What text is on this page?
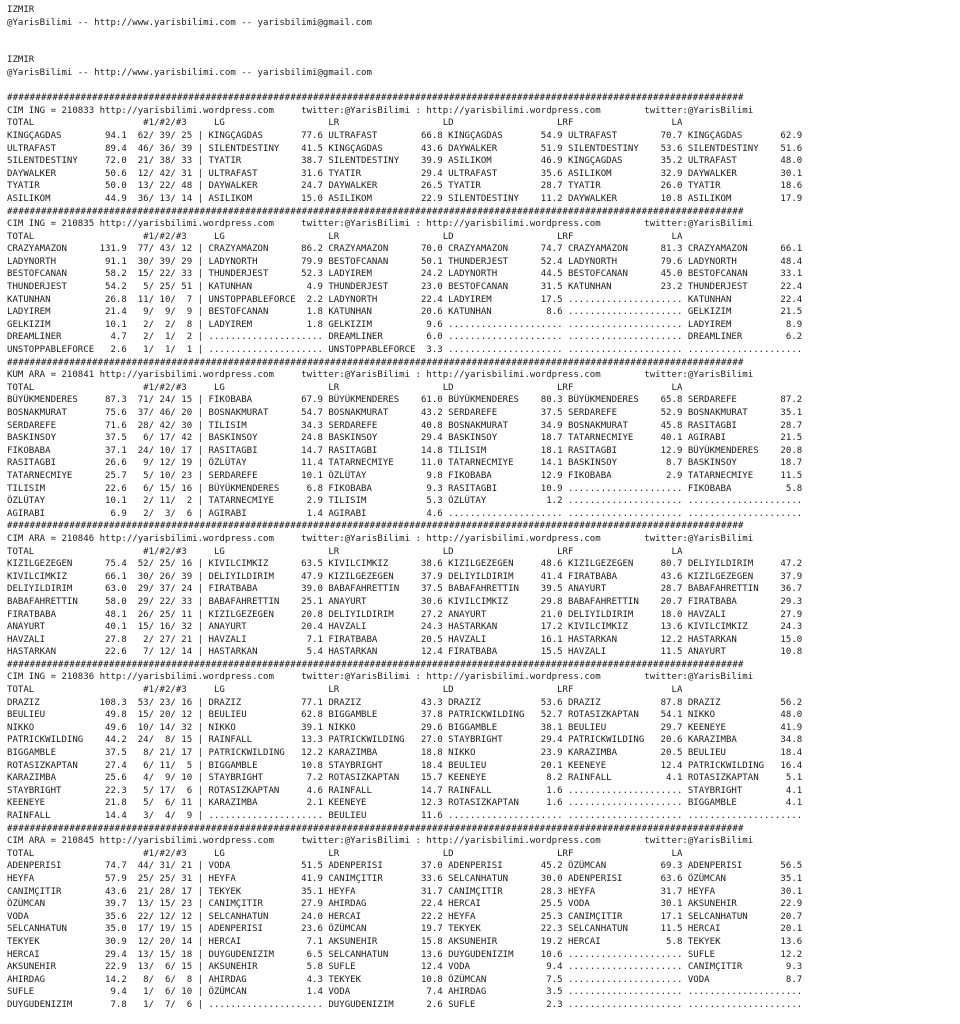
IZMIR
@YarisBilimi -- http://www.yarisbilimi.com -- yarisbilimi@gmail.com
IZMIR
@YarisBilimi -- http://www.yarisbilimi.com -- yarisbilimi@gmail.com
##################################################################################################################################
CIM ING = 210833 http://yarisbilimi.wordpress.com     twitter:@YarisBilimi : http://yarisbilimi.wordpress.com        twitter:@YarisBilimi
TOTAL                    #1/#2/#3     LG                   LR                   LD                   LRF                  LA
KINGÇAGDAS        94.1  62/ 39/ 25 | KINGÇAGDAS       77.6 ULTRAFAST        66.8 KINGÇAGDAS       54.9 ULTRAFAST        70.7 KINGÇAGDAS       62.9
ULTRAFAST         89.4  46/ 36/ 39 | SILENTDESTINY    41.5 KINGÇAGDAS       43.6 DAYWALKER        51.9 SILENTDESTINY    53.6 SILENTDESTINY    51.6
SILENTDESTINY     72.0  21/ 38/ 33 | TYATIR           38.7 SILENTDESTINY    39.9 ASILIKOM         46.9 KINGÇAGDAS       35.2 ULTRAFAST        48.0
DAYWALKER         50.6  12/ 42/ 31 | ULTRAFAST        31.6 TYATIR           29.4 ULTRAFAST        35.6 ASILIKOM         32.9 DAYWALKER        30.1
TYATIR            50.0  13/ 22/ 48 | DAYWALKER        24.7 DAYWALKER        26.5 TYATIR           28.7 TYATIR           26.0 TYATIR           18.6
ASILIKOM          44.9  36/ 13/ 14 | ASILIKOM         15.0 ASILIKOM         22.9 SILENTDESTINY    11.2 DAYWALKER        10.8 ASILIKOM         17.9
##################################################################################################################################
CIM ING = 210835 http://yarisbilimi.wordpress.com     twitter:@YarisBilimi : http://yarisbilimi.wordpress.com        twitter:@YarisBilimi
TOTAL                    #1/#2/#3     LG                   LR                   LD                   LRF                  LA
CRAZYAMAZON      131.9  77/ 43/ 12 | CRAZYAMAZON      86.2 CRAZYAMAZON      70.0 CRAZYAMAZON      74.7 CRAZYAMAZON      81.3 CRAZYAMAZON      66.1
LADYNORTH         91.1  30/ 39/ 29 | LADYNORTH        79.9 BESTOFCANAN      50.1 THUNDERJEST      52.4 LADYNORTH        79.6 LADYNORTH        48.4
BESTOFCANAN       58.2  15/ 22/ 33 | THUNDERJEST      52.3 LADYIREM         24.2 LADYNORTH        44.5 BESTOFCANAN      45.0 BESTOFCANAN      33.1
THUNDERJEST       54.2   5/ 25/ 51 | KATUNHAN          4.9 THUNDERJEST      23.0 BESTOFCANAN      31.5 KATUNHAN         23.2 THUNDERJEST      22.4
KATUNHAN          26.8  11/ 10/  7 | UNSTOPPABLEFORCE  2.2 LADYNORTH        22.4 LADYIREM         17.5 ..................... KATUNHAN         22.4
LADYIREM          21.4   9/  9/  9 | BESTOFCANAN       1.8 KATUNHAN         20.6 KATUNHAN          8.6 ..................... GELKIZIM         21.5
GELKIZIM          10.1   2/  2/  8 | LADYIREM          1.8 GELKIZIM          9.6 ..................... ..................... LADYIREM          8.9
DREAMLINER         4.7   2/  1/  2 | ..................... DREAMLINER        6.0 ..................... ..................... DREAMLINER        6.2
UNSTOPPABLEFORCE   2.6   1/  1/  1 | ..................... UNSTOPPABLEFORCE  3.3 ..................... ..................... .....................
##################################################################################################################################
KUM ARA = 210841 http://yarisbilimi.wordpress.com     twitter:@YarisBilimi : http://yarisbilimi.wordpress.com        twitter:@YarisBilimi
TOTAL                    #1/#2/#3     LG                   LR                   LD                   LRF                  LA
BÜYÜKMENDERES     87.3  71/ 24/ 15 | FIKOBABA         67.9 BÜYÜKMENDERES    61.0 BÜYÜKMENDERES    80.3 BÜYÜKMENDERES    65.8 SERDAREFE        87.2
BOSNAKMURAT       75.6  37/ 46/ 20 | BOSNAKMURAT      54.7 BOSNAKMURAT      43.2 SERDAREFE        37.5 SERDAREFE        52.9 BOSNAKMURAT      35.1
SERDAREFE         71.6  28/ 42/ 30 | TILISIM          34.3 SERDAREFE        40.8 BOSNAKMURAT      34.9 BOSNAKMURAT      45.8 RASITAGBI        28.7
BASKINSOY         37.5   6/ 17/ 42 | BASKINSOY        24.8 BASKINSOY        29.4 BASKINSOY        18.7 TATARNECMIYE     40.1 AGIRABI          21.5
FIKOBABA          37.1  24/ 10/ 17 | RASITAGBI        14.7 RASITAGBI        14.8 TILISIM          18.1 RASITAGBI        12.9 BÜYÜKMENDERES    20.8
RASITAGBI         26.6   9/ 12/ 19 | ÖZLÜTAY          11.4 TATARNECMIYE     11.0 TATARNECMIYE     14.1 BASKINSOY         8.7 BASKINSOY        18.7
TATARNECMIYE      25.7   5/ 10/ 23 | SERDAREFE        10.1 ÖZLÜTAY           9.8 FIKOBABA         12.9 FIKOBABA          2.9 TATARNECMIYE     11.5
TILISIM           22.6   6/ 15/ 16 | BÜYÜKMENDERES     6.8 FIKOBABA          9.3 RASITAGBI        10.9 ..................... FIKOBABA          5.8
ÖZLÜTAY           10.1   2/ 11/  2 | TATARNECMIYE      2.9 TILISIM           5.3 ÖZLÜTAY           1.2 ..................... .....................
AGIRABI            6.9   2/  3/  6 | AGIRABI           1.4 AGIRABI           4.6 ..................... ..................... .....................
##################################################################################################################################
CIM ARA = 210846 http://yarisbilimi.wordpress.com     twitter:@YarisBilimi : http://yarisbilimi.wordpress.com        twitter:@YarisBilimi
TOTAL                    #1/#2/#3     LG                   LR                   LD                   LRF                  LA
KIZILGEZEGEN      75.4  52/ 25/ 16 | KIVILCIMKIZ      63.5 KIVILCIMKIZ      38.6 KIZILGEZEGEN     48.6 KIZILGEZEGEN     80.7 DELIYILDIRIM     47.2
KIVILCIMKIZ       66.1  30/ 26/ 39 | DELIYILDIRIM     47.9 KIZILGEZEGEN     37.9 DELIYILDIRIM     41.4 FIRATBABA        43.6 KIZILGEZEGEN     37.9
DELIYILDIRIM      63.0  29/ 37/ 24 | FIRATBABA        39.0 BABAFAHRETTIN    37.5 BABAFAHRETTIN    39.5 ANAYURT          28.7 BABAFAHRETTIN    36.7
BABAFAHRETTIN     58.0  29/ 22/ 33 | BABAFAHRETTIN    25.1 ANAYURT          30.6 KIVILCIMKIZ      29.8 BABAFAHRETTIN    20.7 FIRATBABA        29.3
FIRATBABA         48.1  26/ 25/ 11 | KIZILGEZEGEN     20.8 DELIYILDIRIM     27.2 ANAYURT          21.0 DELIYILDIRIM     18.0 HAVZALI          27.9
ANAYURT           40.1  15/ 16/ 32 | ANAYURT          20.4 HAVZALI          24.3 HASTARKAN        17.2 KIVILCIMKIZ      13.6 KIVILCIMKIZ      24.3
HAVZALI           27.8   2/ 27/ 21 | HAVZALI           7.1 FIRATBABA        20.5 HAVZALI          16.1 HASTARKAN        12.2 HASTARKAN        15.0
HASTARKAN         22.6   7/ 12/ 14 | HASTARKAN         5.4 HASTARKAN        12.4 FIRATBABA        15.5 HAVZALI          11.5 ANAYURT          10.8
##################################################################################################################################
CIM ING = 210836 http://yarisbilimi.wordpress.com     twitter:@YarisBilimi : http://yarisbilimi.wordpress.com        twitter:@YarisBilimi
TOTAL                    #1/#2/#3     LG                   LR                   LD                   LRF                  LA
DRAZIZ           108.3  53/ 23/ 16 | DRAZIZ           77.1 DRAZIZ           43.3 DRAZIZ           53.6 DRAZIZ           87.8 DRAZIZ           56.2
BEULIEU           49.8  15/ 20/ 12 | BEULIEU          62.8 BIGGAMBLE        37.8 PATRICKWILDING   52.7 ROTASIZKAPTAN    54.1 NIKKO            48.0
NIKKO             49.6  10/ 14/ 32 | NIKKO            39.1 NIKKO            29.6 BIGGAMBLE        38.1 BEULIEU          29.7 KEENEYE          41.9
PATRICKWILDING    44.2  24/  8/ 15 | RAINFALL         13.3 PATRICKWILDING   27.0 STAYBRIGHT       29.4 PATRICKWILDING   20.6 KARAZIMBA        34.8
BIGGAMBLE         37.5   8/ 21/ 17 | PATRICKWILDING   12.2 KARAZIMBA        18.8 NIKKO            23.9 KARAZIMBA        20.5 BEULIEU          18.4
ROTASIZKAPTAN     27.4   6/ 11/  5 | BIGGAMBLE        10.8 STAYBRIGHT       18.4 BEULIEU          20.1 KEENEYE          12.4 PATRICKWILDING   16.4
KARAZIMBA         25.6   4/  9/ 10 | STAYBRIGHT        7.2 ROTASIZKAPTAN    15.7 KEENEYE           8.2 RAINFALL          4.1 ROTASIZKAPTAN     5.1
STAYBRIGHT        22.3   5/ 17/  6 | ROTASIZKAPTAN     4.6 RAINFALL         14.7 RAINFALL          1.6 ..................... STAYBRIGHT        4.1
KEENEYE           21.8   5/  6/ 11 | KARAZIMBA         2.1 KEENEYE          12.3 ROTASIZKAPTAN     1.6 ..................... BIGGAMBLE         4.1
RAINFALL          14.4   3/  4/  9 | ..................... BEULIEU          11.6 ..................... ..................... .....................
##################################################################################################################################
CIM ARA = 210845 http://yarisbilimi.wordpress.com     twitter:@YarisBilimi : http://yarisbilimi.wordpress.com        twitter:@YarisBilimi
TOTAL                    #1/#2/#3     LG                   LR                   LD                   LRF                  LA
ADENPERISI        74.7  44/ 31/ 21 | VODA             51.5 ADENPERISI       37.0 ADENPERISI       45.2 ÖZÜMCAN          69.3 ADENPERISI       56.5
HEYFA             57.9  25/ 25/ 31 | HEYFA            41.9 CANIMÇITIR       33.6 SELCANHATUN      30.0 ADENPERISI       63.6 ÖZÜMCAN          35.1
CANIMÇITIR        43.6  21/ 28/ 17 | TEKYEK           35.1 HEYFA            31.7 CANIMÇITIR       28.3 HEYFA            31.7 HEYFA            30.1
ÖZÜMCAN           39.7  13/ 15/ 23 | CANIMÇITIR       27.9 AHIRDAG          22.4 HERCAI           25.5 VODA             30.1 AKSUNEHIR        22.9
VODA              35.6  22/ 12/ 12 | SELCANHATUN      24.0 HERCAI           22.2 HEYFA            25.3 CANIMÇITIR       17.1 SELCANHATUN      20.7
SELCANHATUN       35.0  17/ 19/ 15 | ADENPERISI       23.6 ÖZÜMCAN          19.7 TEKYEK           22.3 SELCANHATUN      11.5 HERCAI           20.1
TEKYEK            30.9  12/ 20/ 14 | HERCAI            7.1 AKSUNEHIR        15.8 AKSUNEHIR        19.2 HERCAI            5.8 TEKYEK           13.6
HERCAI            29.4  13/ 15/ 18 | DUYGUDENIZIM      6.5 SELCANHATUN      13.6 DUYGUDENIZIM     10.6 ..................... SUFLE            12.2
AKSUNEHIR         22.9  13/  6/ 15 | AKSUNEHIR         5.8 SUFLE            12.4 VODA              9.4 ..................... CANIMÇITIR        9.3
AHIRDAG           14.2   8/  6/  8 | AHIRDAG           4.3 TEKYEK           10.8 ÖZÜMCAN           7.5 ..................... VODA              8.7
SUFLE              9.4   1/  6/ 10 | ÖZÜMCAN           1.4 VODA              7.4 AHIRDAG           3.5 ..................... .....................
DUYGUDENIZIM       7.8   1/  7/  6 | ..................... DUYGUDENIZIM      2.6 SUFLE             2.3 ..................... .....................
